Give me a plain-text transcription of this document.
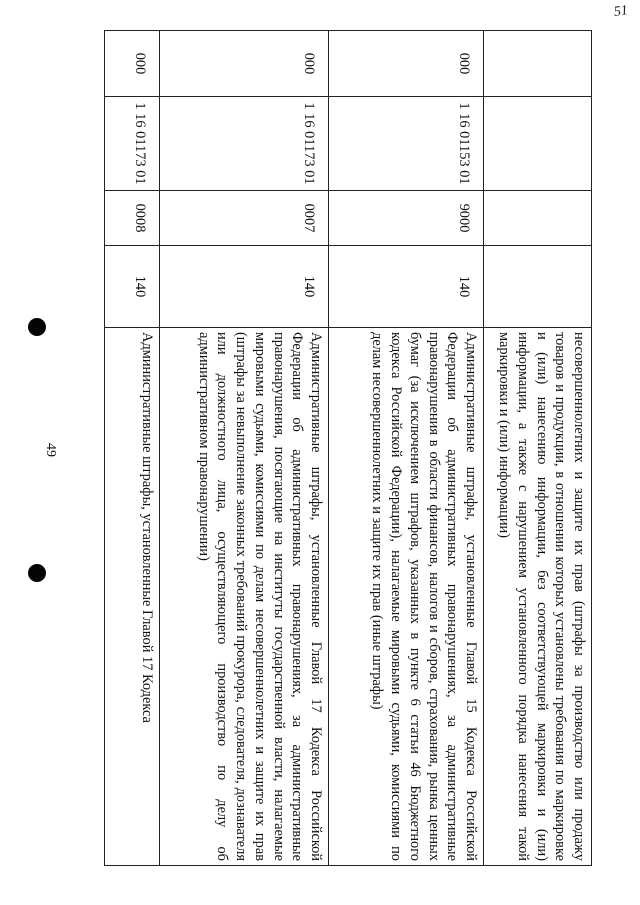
51
49
					несовершеннолетних и защите их прав (штрафы за производство или продажу товаров и продукции, в отношении которых установлены требования по маркировке и (или) нанесению информации, без соответствующей маркировки и (или) информации, а также с нарушением установленного порядка нанесения такой маркировки и (или) информации)
000	1 16 01153 01	9000	140	Административные штрафы, установленные Главой 15 Кодекса Российской Федерации об административных правонарушениях, за административные правонарушения в области финансов, налогов и сборов, страхования, рынка ценных бумаг (за исключением штрафов, указанных в пункте 6 статьи 46 Бюджетного кодекса Российской Федерации), налагаемые мировыми судьями, комиссиями по делам несовершеннолетних и защите их прав (иные штрафы)
000	1 16 01173 01	0007	140	Административные штрафы, установленные Главой 17 Кодекса Российской Федерации об административных правонарушениях, за административные правонарушения, посягающие на институты государственной власти, налагаемые мировыми судьями, комиссиями по делам несовершеннолетних и защите их прав (штрафы за невыполнение законных требований прокурора, следователя, дознавателя или должностного лица, осуществляющего производство по делу об административном правонарушении)
000	1 16 01173 01	0008	140	Административные штрафы, установленные Главой 17 Кодекса
